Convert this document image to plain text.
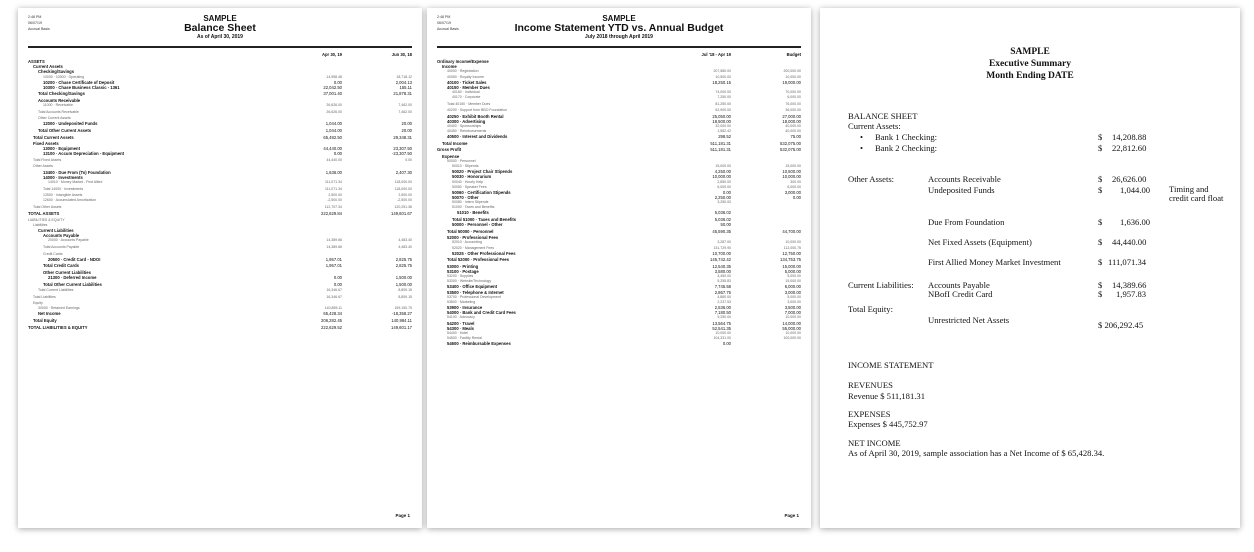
2:48 PM
06/07/19
Accrual Basis
SAMPLE
Balance Sheet
As of April 30, 2019
Apr 30, 19	Jun 30, 18
ASSETS
Current Assets
Checking/Savings
10000 · 10000 · Operating	14,958.48	18,718.12
10200 · Chase Certificate of Deposit	0.00	2,004.13
10300 · Chase Business Classic - 1361	22,042.50	155.11
Total Checking/Savings	37,001.40	21,878.31
Accounts Receivable
11000 · Receivable	26,626.00	7,462.00
Total Accounts Receivable	26,626.00	7,462.00
Other Current Assets
12000 · Undeposited Funds	1,044.00	20.00
Total Other Current Assets	1,044.00	20.00
Total Current Assets	65,482.50	29,348.31
Fixed Assets
13000 · Equipment	44,440.00	23,307.50
13100 · Accum Depreciation - Equipment	0.00	-23,307.50
Total Fixed Assets	44,440.00	0.00
Other Assets
13400 · Due From (To) Foundation	1,636.00	2,407.30
14000 · Investments
14010 · Money Market - First Allied	111,071.34	118,000.00
Total 14000 · Investments	111,071.34	118,000.00
12500 · Intangible Assets	2,500.00	2,500.00
12600 · Accumulated Amortization	-2,500.00	-2,500.00
Total Other Assets	112,707.34	120,251.36
TOTAL ASSETS	222,629.84	149,601.67
LIABILITIES & EQUITY
Liabilities
Current Liabilities
Accounts Payable
20000 · Accounts Payable	14,389.66	4,483.40
Total Accounts Payable	14,389.66	4,483.40
Credit Cards
20500 · Credit Card - NDOI	1,957.01	2,825.75
Total Credit Cards	1,957.01	2,825.75
Other Current Liabilities
21300 · Deferred Income	0.00	1,500.00
Total Other Current Liabilities	0.00	1,500.00
Total Current Liabilities	16,346.67	8,809.15
Total Liabilities	16,346.67	8,809.15
Equity
30000 · Retained Earnings	140,855.11	159,150.79
Net Income	65,428.34	-18,358.27
Total Equity	206,282.45	140,984.11
TOTAL LIABILITIES & EQUITY	222,629.52	149,601.17
Page 1
2:48 PM
06/07/19
Accrual Basis
SAMPLE
Income Statement YTD vs. Annual Budget
July 2018 through April 2019
Jul '18 - Apr 19	Budget
Ordinary Income/Expense
Income
40000 · Registration	207,580.00	200,000.00
40050 · Royalty Income	10,500.00	10,000.00
40100 · Ticket Sales	18,250.15	19,000.00
40150 · Member Dues
40160 · Individual	74,000.00	70,000.00
40170 · Corporate	7,250.00	6,000.00
Total 40150 · Member Dues	81,250.00	76,000.00
40200 · Support from BBO Foundation	62,900.00	36,000.00
40250 · Exhibit Booth Rental	25,050.00	27,000.00
40300 · Advertising	18,500.00	18,000.00
40400 · Sponsorships	32,000.00	40,000.00
40450 · Reimbursements	1,582.42	40,000.00
40500 · Interest and Dividends	298.52	75.00
Total Income	511,181.31	532,075.00
Gross Profit	511,181.31	532,075.00
Expense
50000 · Personnel
50010 · Stipends	15,000.00	15,000.00
50020 · Project Chair Stipends	4,250.00	10,500.00
50030 · Honorarium	10,000.00	10,000.00
50040 · Hourly Help	2,850.00	300.00
50050 · Speaker Fees	6,000.00	6,000.00
50060 · Certification Stipends	0.00	3,000.00
50070 · Other	2,250.00	0.00
50080 · Intern Stipends	3,250.00
51000 · Taxes and Benefits
51010 · Benefits	5,036.02
Total 51000 · Taxes and Benefits	5,036.02
50000 · Personnel - Other	50.00
Total 50000 · Personnel	45,590.35	44,700.00
52000 · Professional Fees
52010 · Accounting	3,287.00	10,000.00
52020 · Management Fees	131,729.90	112,000.75
52025 · Other Professional Fees	10,700.00	12,750.00
Total 52000 · Professional Fees	145,742.42	134,753.75
53000 · Printing	12,540.35	15,000.00
53100 · Postage	3,580.00	5,000.00
53200 · Supplies	4,450.00	5,000.00
53300 · Website/Technology	5,255.83	15,000.00
53400 · Office Equipment	7,745.58	6,000.00
53500 · Telephone & Internet	2,867.75	3,000.00
53700 · Professional Development	4,860.00	5,000.00
53800 · Marketing	2,237.53	3,000.00
53900 · Insurance	2,536.00	3,500.00
54000 · Bank and Credit Card Fees	7,180.50	7,000.00
54100 · Advocacy	9,250.00	10,000.00
54200 · Travel	13,564.75	14,000.00
54300 · Meals	52,541.35	55,000.00
54400 · Hotel	10,000.00	10,000.00
54500 · Facility Rental	104,331.00	100,000.00
54600 · Reimbursable Expenses	0.00
Page 1
SAMPLE
Executive Summary
Month Ending DATE
BALANCE SHEET
Current Assets:
• Bank 1 Checking:	$ 14,208.88
• Bank 2 Checking:	$ 22,812.60
Other Assets:	Accounts Receivable	$ 26,626.00
Undeposited Funds	$ 1,044.00 Timing and credit card float
Due From Foundation	$ 1,636.00
Net Fixed Assets (Equipment)	$ 44,440.00
First Allied Money Market Investment	$ 111,071.34
Current Liabilities: Accounts Payable	$ 14,389.66
NBofI Credit Card	$ 1,957.83
Total Equity:
Unrestricted Net Assets	$ 206,292.45
INCOME STATEMENT
REVENUES
Revenue $ 511,181.31
EXPENSES
Expenses $ 445,752.97
NET INCOME
As of April 30, 2019, sample association has a Net Income of $ 65,428.34.
